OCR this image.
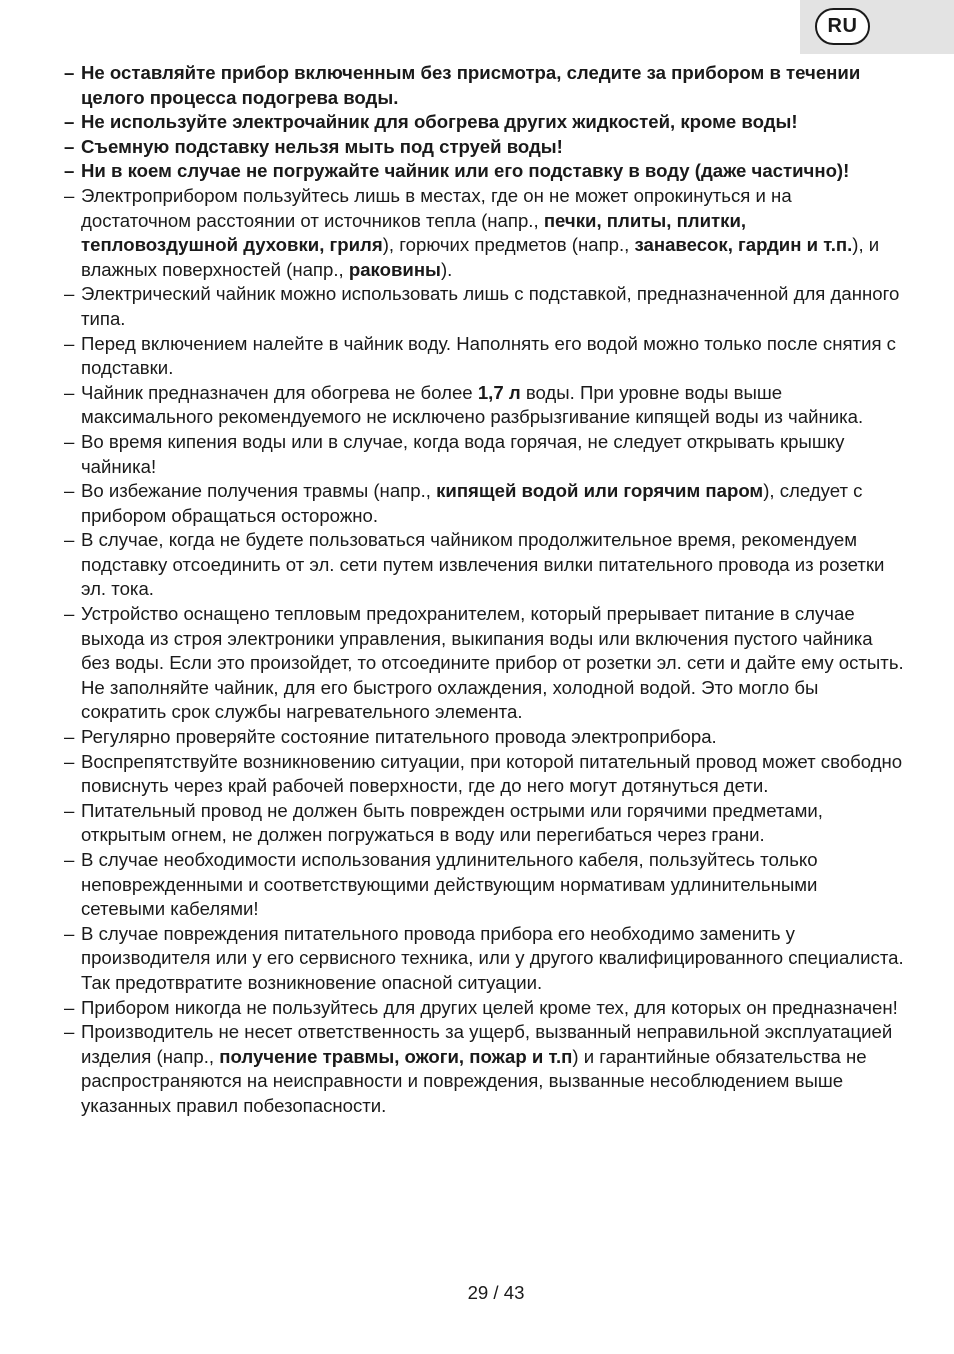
RU
– Не оставляйте прибор включенным без присмотра, следите за прибором в течении целого процесса подогрева воды.
– Не используйте электрочайник для обогрева других жидкостей, кроме воды!
– Съемную подставку нельзя мыть под струей воды!
– Ни в коем случае не погружайте чайник или его подставку в воду (даже частично)!
– Электроприбором пользуйтесь лишь в местах, где он не может опрокинуться и на достаточном расстоянии от источников тепла (напр., печки, плиты, плитки, тепловоздушной духовки, гриля), горючих предметов (напр., занавесок, гардин и т.п.), и влажных поверхностей (напр., раковины).
– Электрический чайник можно использовать лишь с подставкой, предназначенной для данного типа.
– Перед включением налейте в чайник воду. Наполнять его водой можно только после снятия с подставки.
– Чайник предназначен для обогрева не более 1,7 л воды. При уровне воды выше максимального рекомендуемого не исключено разбрызгивание кипящей воды из чайника.
– Во время кипения воды или в случае, когда вода горячая, не следует открывать крышку чайника!
– Во избежание получения травмы (напр., кипящей водой или горячим паром), следует с прибором обращаться осторожно.
– В случае, когда не будете пользоваться чайником продолжительное время, рекомендуем подставку отсоединить от эл. сети путем извлечения вилки питательного провода из розетки эл. тока.
– Устройство оснащено тепловым предохранителем, который прерывает питание в случае выхода из строя электроники управления, выкипания воды или включения пустого чайника без воды. Если это произойдет, то отсоедините прибор от розетки эл. сети и дайте ему остыть. Не заполняйте чайник, для его быстрого охлаждения, холодной водой. Это могло бы сократить срок службы нагревательного элемента.
– Регулярно проверяйте состояние питательного провода электроприбора.
– Воспрепятствуйте возникновению ситуации, при которой питательный провод может свободно повиснуть через край рабочей поверхности, где до него могут дотянуться дети.
– Питательный провод не должен быть поврежден острыми или горячими предметами, открытым огнем, не должен погружаться в воду или перегибаться через грани.
– В случае необходимости использования удлинительного кабеля, пользуйтесь только неповрежденными и соответствующими действующим нормативам удлинительными сетевыми кабелями!
– В случае повреждения питательного провода прибора его необходимо заменить у производителя или у его сервисного техника, или у другого квалифицированного специалиста. Так предотвратите возникновение опасной ситуации.
– Прибором никогда не пользуйтесь для других целей кроме тех, для которых он предназначен!
– Производитель не несет ответственность за ущерб, вызванный неправильной эксплуатацией изделия (напр., получение травмы, ожоги, пожар и т.п) и гарантийные обязательства не распространяются на неисправности и повреждения, вызванные несоблюдением выше указанных правил побезопасности.
29 / 43
